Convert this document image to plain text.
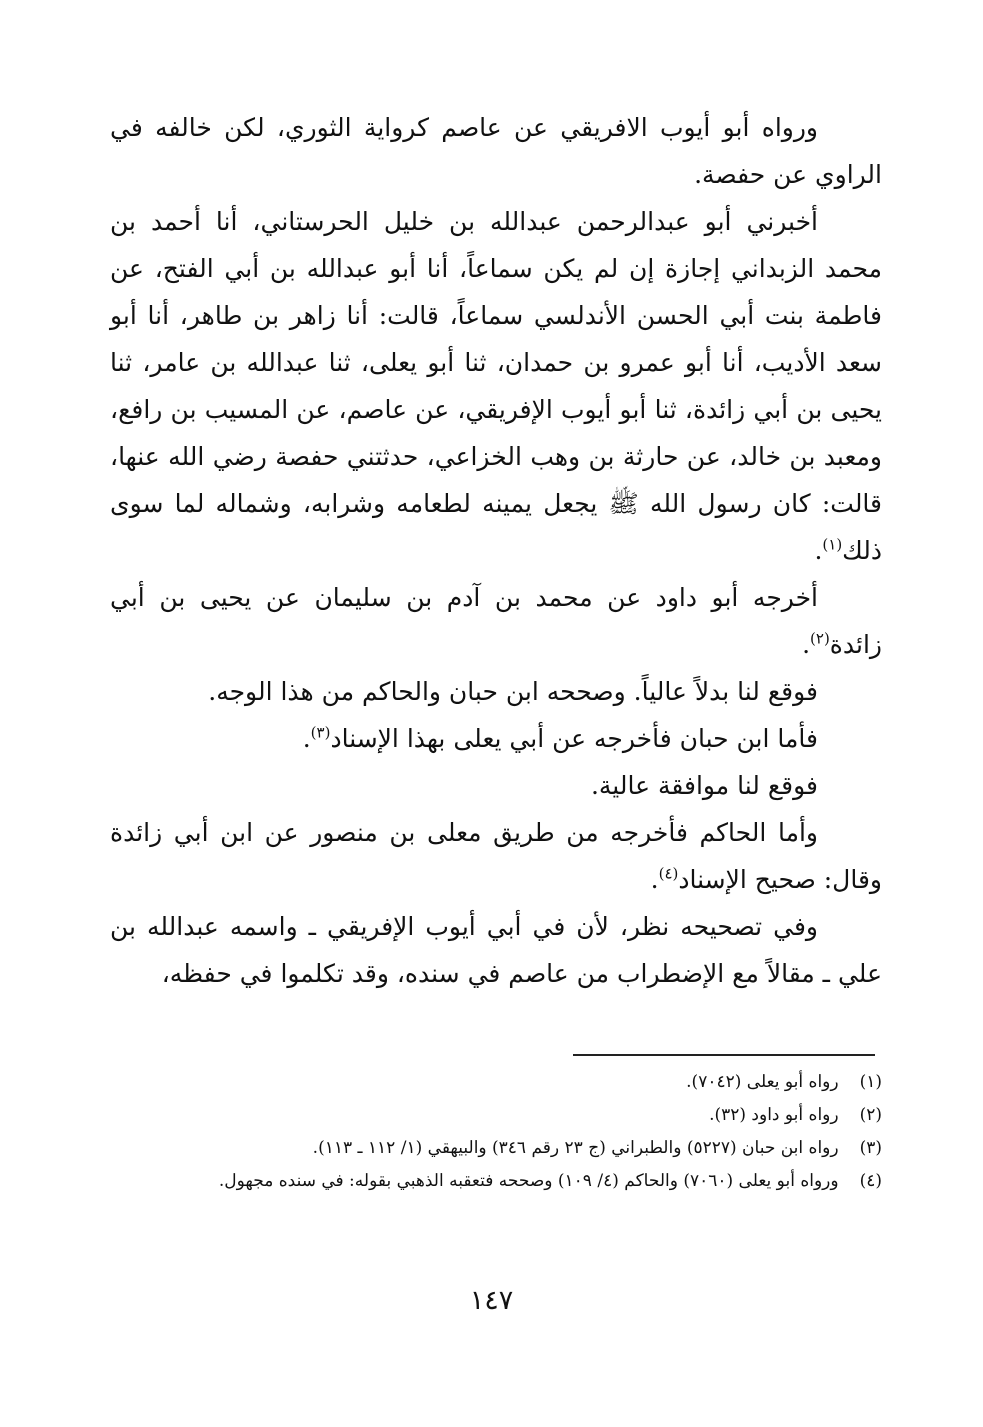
ورواه أبو أيوب الافريقي عن عاصم كرواية الثوري، لكن خالفه في الراوي عن حفصة.

أخبرني أبو عبدالرحمن عبدالله بن خليل الحرستاني، أنا أحمد بن محمد الزبداني إجازة إن لم يكن سماعاً، أنا أبو عبدالله بن أبي الفتح، عن فاطمة بنت أبي الحسن الأندلسي سماعاً، قالت: أنا زاهر بن طاهر، أنا أبو سعد الأديب، أنا أبو عمرو بن حمدان، ثنا أبو يعلى، ثنا عبدالله بن عامر، ثنا يحيى بن أبي زائدة، ثنا أبو أيوب الإفريقي، عن عاصم، عن المسيب بن رافع، ومعبد بن خالد، عن حارثة بن وهب الخزاعي، حدثتني حفصة رضي الله عنها، قالت: كان رسول الله ﷺ يجعل يمينه لطعامه وشرابه، وشماله لما سوى ذلك$^{(١)}$.

أخرجه أبو داود عن محمد بن آدم بن سليمان عن يحيى بن أبي زائدة$^{(٢)}$.

فوقع لنا بدلاً عالياً. وصححه ابن حبان والحاكم من هذا الوجه.

فأما ابن حبان فأخرجه عن أبي يعلى بهذا الإسناد$^{(٣)}$.

فوقع لنا موافقة عالية.

وأما الحاكم فأخرجه من طريق معلى بن منصور عن ابن أبي زائدة وقال: صحيح الإسناد$^{(٤)}$.

وفي تصحيحه نظر، لأن في أبي أيوب الإفريقي ـ واسمه عبدالله بن علي ـ مقالاً مع الإضطراب من عاصم في سنده، وقد تكلموا في حفظه،

(١) رواه أبو يعلى (٧٠٤٢).

(٢) رواه أبو داود (٣٢).

(٣) رواه ابن حبان (٥٢٢٧) والطبراني (ج ٢٣ رقم ٣٤٦) والبيهقي (١/ ١١٢ ـ ١١٣).

(٤) ورواه أبو يعلى (٧٠٦٠) والحاكم (٤/ ١٠٩) وصححه فتعقبه الذهبي بقوله: في سنده مجهول.

١٤٧
